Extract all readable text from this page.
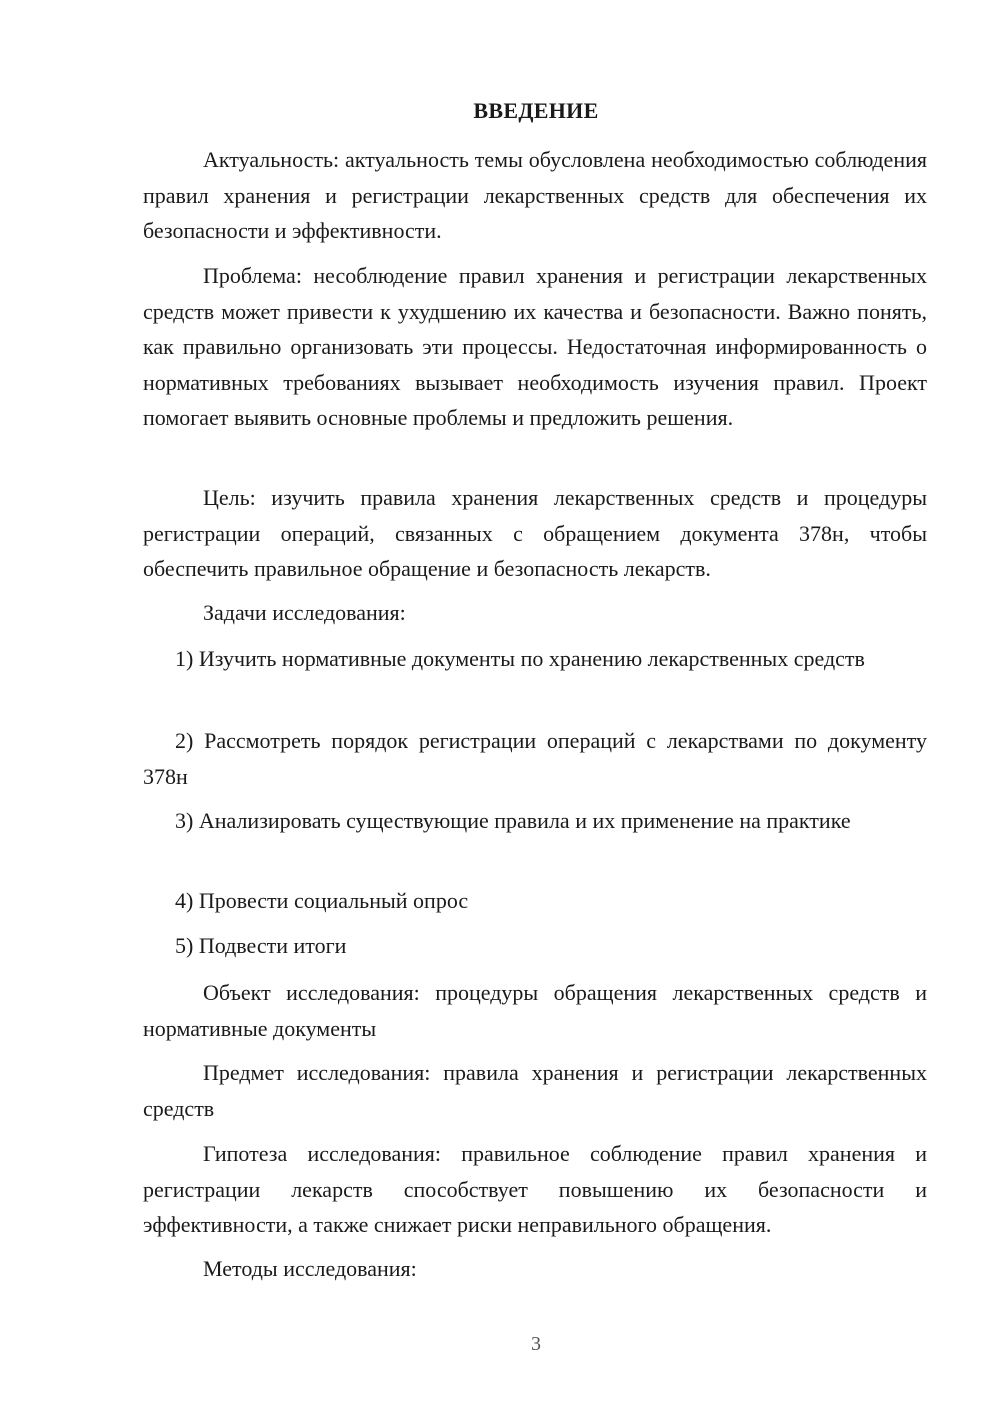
ВВЕДЕНИЕ

Актуальность: актуальность темы обусловлена необходимостью соблюдения правил хранения и регистрации лекарственных средств для обеспечения их безопасности и эффективности.

Проблема: несоблюдение правил хранения и регистрации лекарственных средств может привести к ухудшению их качества и безопасности. Важно понять, как правильно организовать эти процессы. Недостаточная информированность о нормативных требованиях вызывает необходимость изучения правил. Проект помогает выявить основные проблемы и предложить решения.

Цель: изучить правила хранения лекарственных средств и процедуры регистрации операций, связанных с обращением документа 378н, чтобы обеспечить правильное обращение и безопасность лекарств.

Задачи исследования:

1) Изучить нормативные документы по хранению лекарственных средств

2) Рассмотреть порядок регистрации операций с лекарствами по документу 378н

3) Анализировать существующие правила и их применение на практике

4) Провести социальный опрос

5) Подвести итоги

Объект исследования: процедуры обращения лекарственных средств и нормативные документы

Предмет исследования: правила хранения и регистрации лекарственных средств

Гипотеза исследования: правильное соблюдение правил хранения и регистрации лекарств способствует повышению их безопасности и эффективности, а также снижает риски неправильного обращения.

Методы исследования:

3
